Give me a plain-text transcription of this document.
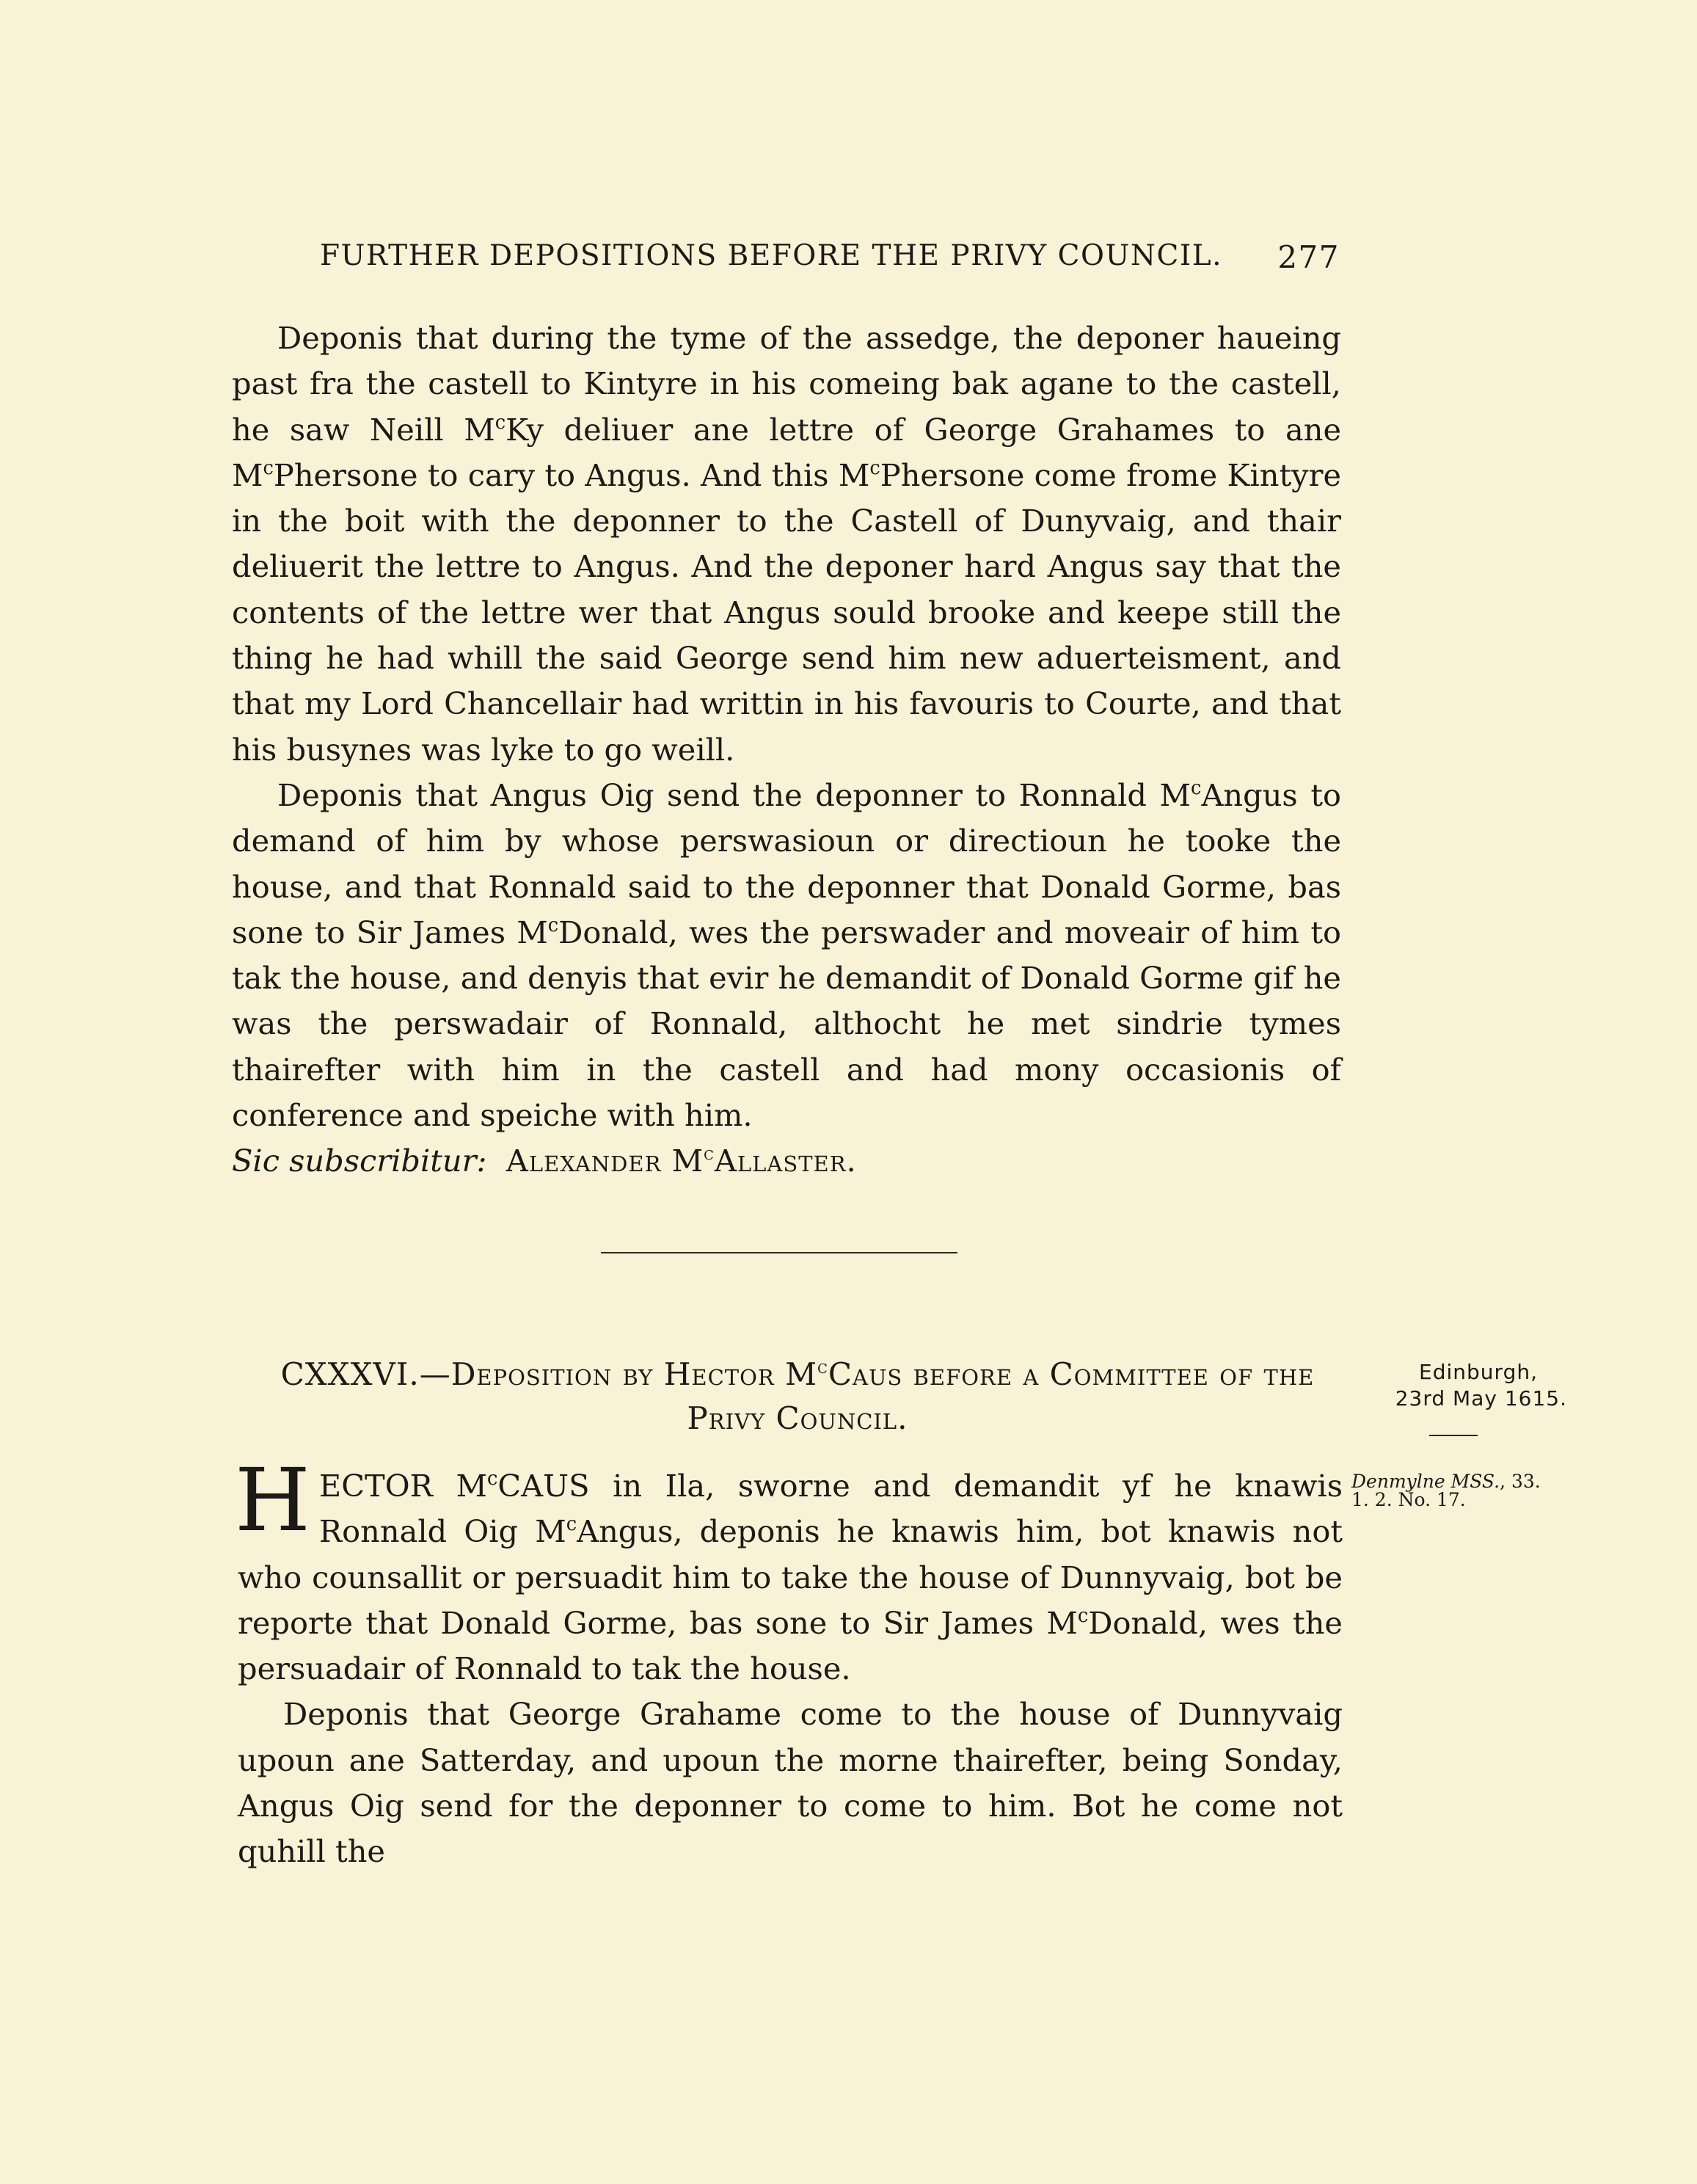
FURTHER DEPOSITIONS BEFORE THE PRIVY COUNCIL. 277

Deponis that during the tyme of the assedge, the deponer haueing past fra the castell to Kintyre in his comeing bak agane to the castell, he saw Neill $M^cKy$ deliuer ane lettre of George Grahames to ane $M^cPhersone$ to cary to Angus. And this $M^cPhersone$ come frome Kintyre in the boit with the deponner to the Castell of Dunyvaig, and thair deliuerit the lettre to Angus. And the deponer hard Angus say that the contents of the lettre wer that Angus sould brooke and keepe still the thing he had whill the said George send him new aduerteisment, and that my Lord Chancellair had writtin in his favouris to Courte, and that his busynes was lyke to go weill.

Deponis that Angus Oig send the deponner to Ronnald $M^cAngus$ to demand of him by whose perswasioun or directioun he tooke the house, and that Ronnald said to the deponner that Donald Gorme, bas sone to Sir James $M^cDonald$, wes the perswader and moveair of him to tak the house, and denyis that evir he demandit of Donald Gorme gif he was the perswadair of Ronnald, althocht he met sindrie tymes thairefter with him in the castell and had mony occasionis of conference and speiche with him.

Sic subscribitur: Alexander $M^cAllaster$.

CXXXVI.—Deposition by Hector $M^cCaus$ before a Committee of the Privy Council.
Edinburgh,
23rd May 1615.
Denmylne MSS., 33.
1. 2. No. 17.

HECTOR $M^cCAUS$ in Ila, sworne and demandit yf he knawis Ronnald Oig $M^cAngus$, deponis he knawis him, bot knawis not who counsallit or persuadit him to take the house of Dunnyvaig, bot be reporte that Donald Gorme, bas sone to Sir James $M^cDonald$, wes the persuadair of Ronnald to tak the house.

Deponis that George Grahame come to the house of Dunnyvaig upoun ane Satterday, and upoun the morne thairefter, being Sonday, Angus Oig send for the deponner to come to him. Bot he come not quhill the
